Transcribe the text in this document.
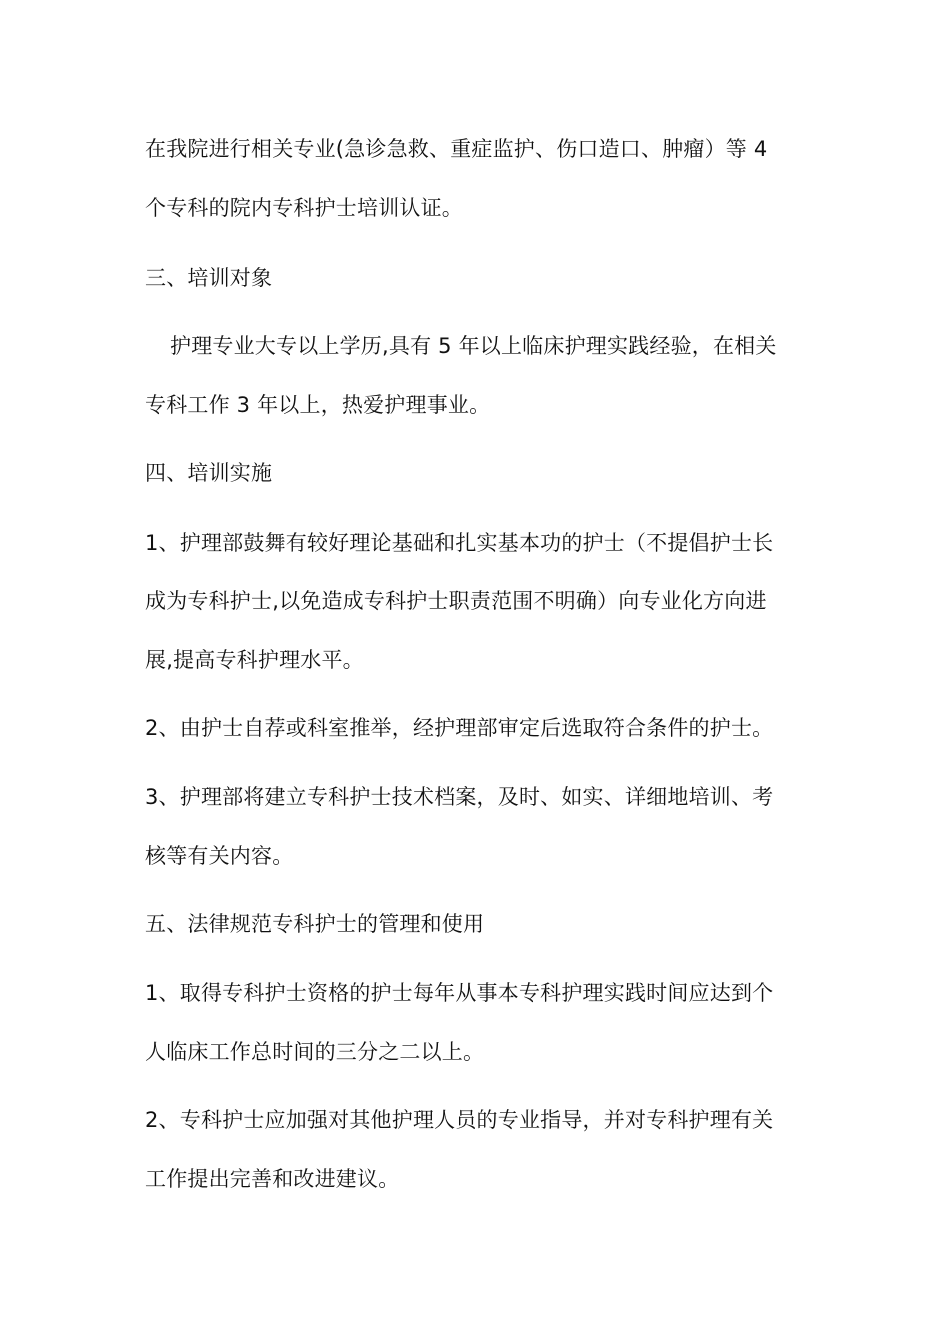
在我院进行相关专业(急诊急救、重症监护、伤口造口、肿瘤）等 4
个专科的院内专科护士培训认证。
三、培训对象
护理专业大专以上学历,具有 5 年以上临床护理实践经验，在相关
专科工作 3 年以上，热爱护理事业。
四、培训实施
1、护理部鼓舞有较好理论基础和扎实基本功的护士（不提倡护士长
成为专科护士,以免造成专科护士职责范围不明确）向专业化方向进
展,提高专科护理水平。
2、由护士自荐或科室推举，经护理部审定后选取符合条件的护士。
3、护理部将建立专科护士技术档案，及时、如实、详细地培训、考
核等有关内容。
五、法律规范专科护士的管理和使用
1、取得专科护士资格的护士每年从事本专科护理实践时间应达到个
人临床工作总时间的三分之二以上。
2、专科护士应加强对其他护理人员的专业指导，并对专科护理有关
工作提出完善和改进建议。
